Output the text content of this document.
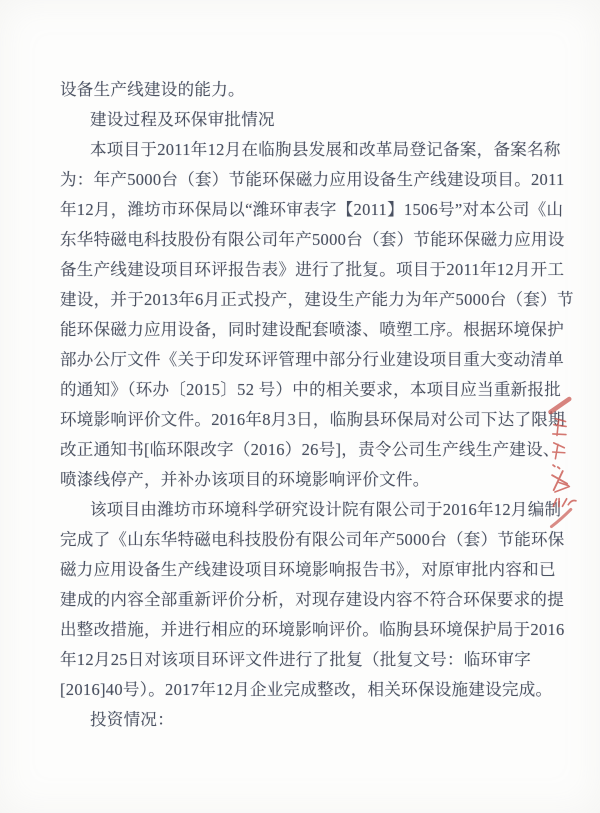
设备生产线建设的能力。
建设过程及环保审批情况
本项目于2011年12月在临朐县发展和改革局登记备案，备案名称
为：年产5000台（套）节能环保磁力应用设备生产线建设项目。2011
年12月，潍坊市环保局以“潍环审表字【2011】1506号”对本公司《山
东华特磁电科技股份有限公司年产5000台（套）节能环保磁力应用设
备生产线建设项目环评报告表》进行了批复。项目于2011年12月开工
建设，并于2013年6月正式投产，建设生产能力为年产5000台（套）节
能环保磁力应用设备，同时建设配套喷漆、喷塑工序。根据环境保护
部办公厅文件《关于印发环评管理中部分行业建设项目重大变动清单
的通知》（环办〔2015〕52 号）中的相关要求，本项目应当重新报批
环境影响评价文件。2016年8月3日，临朐县环保局对公司下达了限期
改正通知书[临环限改字（2016）26号]，责令公司生产线生产建设、
喷漆线停产，并补办该项目的环境影响评价文件。
该项目由潍坊市环境科学研究设计院有限公司于2016年12月编制
完成了《山东华特磁电科技股份有限公司年产5000台（套）节能环保
磁力应用设备生产线建设项目环境影响报告书》，对原审批内容和已
建成的内容全部重新评价分析，对现存建设内容不符合环保要求的提
出整改措施，并进行相应的环境影响评价。临朐县环境保护局于2016
年12月25日对该项目环评文件进行了批复（批复文号：临环审字
[2016]40号）。2017年12月企业完成整改，相关环保设施建设完成。
投资情况：
